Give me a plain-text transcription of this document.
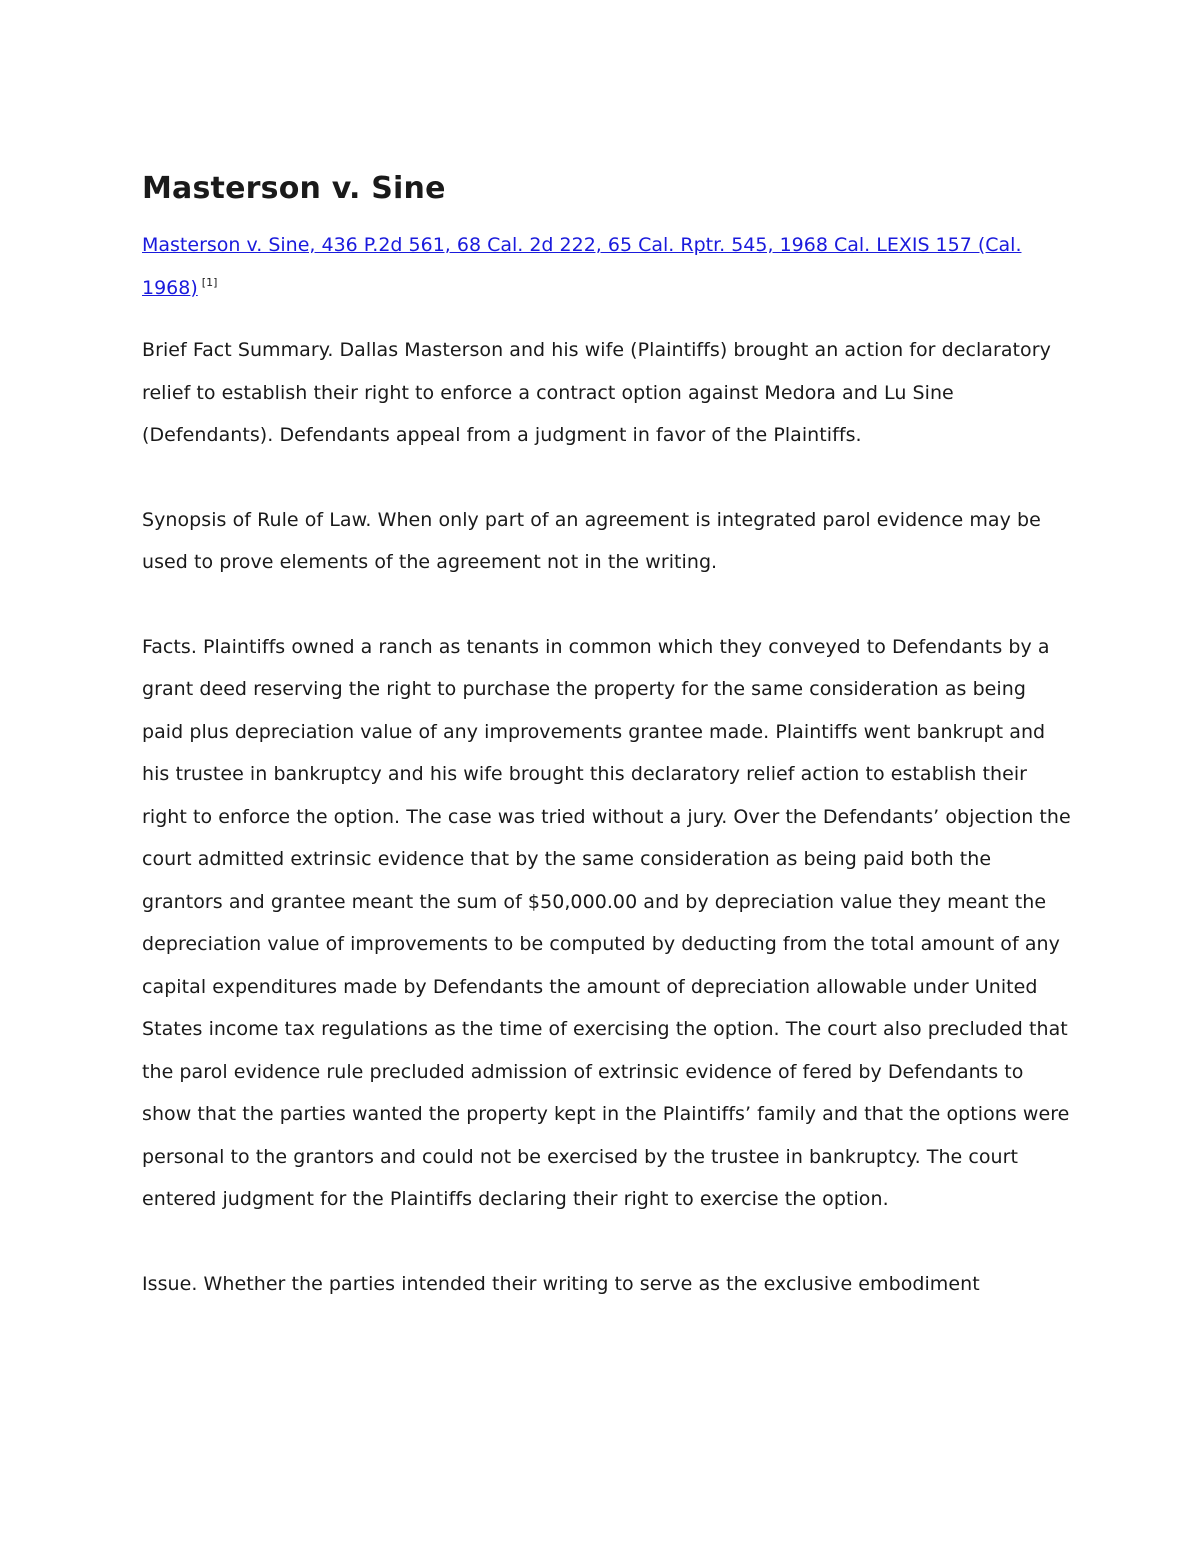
Masterson v. Sine
Masterson v. Sine, 436 P.2d 561, 68 Cal. 2d 222, 65 Cal. Rptr. 545, 1968 Cal. LEXIS 157 (Cal. 1968) [1]

Brief Fact Summary. Dallas Masterson and his wife (Plaintiffs) brought an action for declaratory relief to establish their right to enforce a contract option against Medora and Lu Sine (Defendants). Defendants appeal from a judgment in favor of the Plaintiffs.

Synopsis of Rule of Law. When only part of an agreement is integrated parol evidence may be used to prove elements of the agreement not in the writing.

Facts. Plaintiffs owned a ranch as tenants in common which they conveyed to Defendants by a grant deed reserving the right to purchase the property for the same consideration as being paid plus depreciation value of any improvements grantee made. Plaintiffs went bankrupt and his trustee in bankruptcy and his wife brought this declaratory relief action to establish their right to enforce the option. The case was tried without a jury. Over the Defendants’ objection the court admitted extrinsic evidence that by the same consideration as being paid both the grantors and grantee meant the sum of $50,000.00 and by depreciation value they meant the depreciation value of improvements to be computed by deducting from the total amount of any capital expenditures made by Defendants the amount of depreciation allowable under United States income tax regulations as the time of exercising the option. The court also precluded that the parol evidence rule precluded admission of extrinsic evidence of fered by Defendants to show that the parties wanted the property kept in the Plaintiffs’ family and that the options were personal to the grantors and could not be exercised by the trustee in bankruptcy. The court entered judgment for the Plaintiffs declaring their right to exercise the option.

Issue. Whether the parties intended their writing to serve as the exclusive embodiment
